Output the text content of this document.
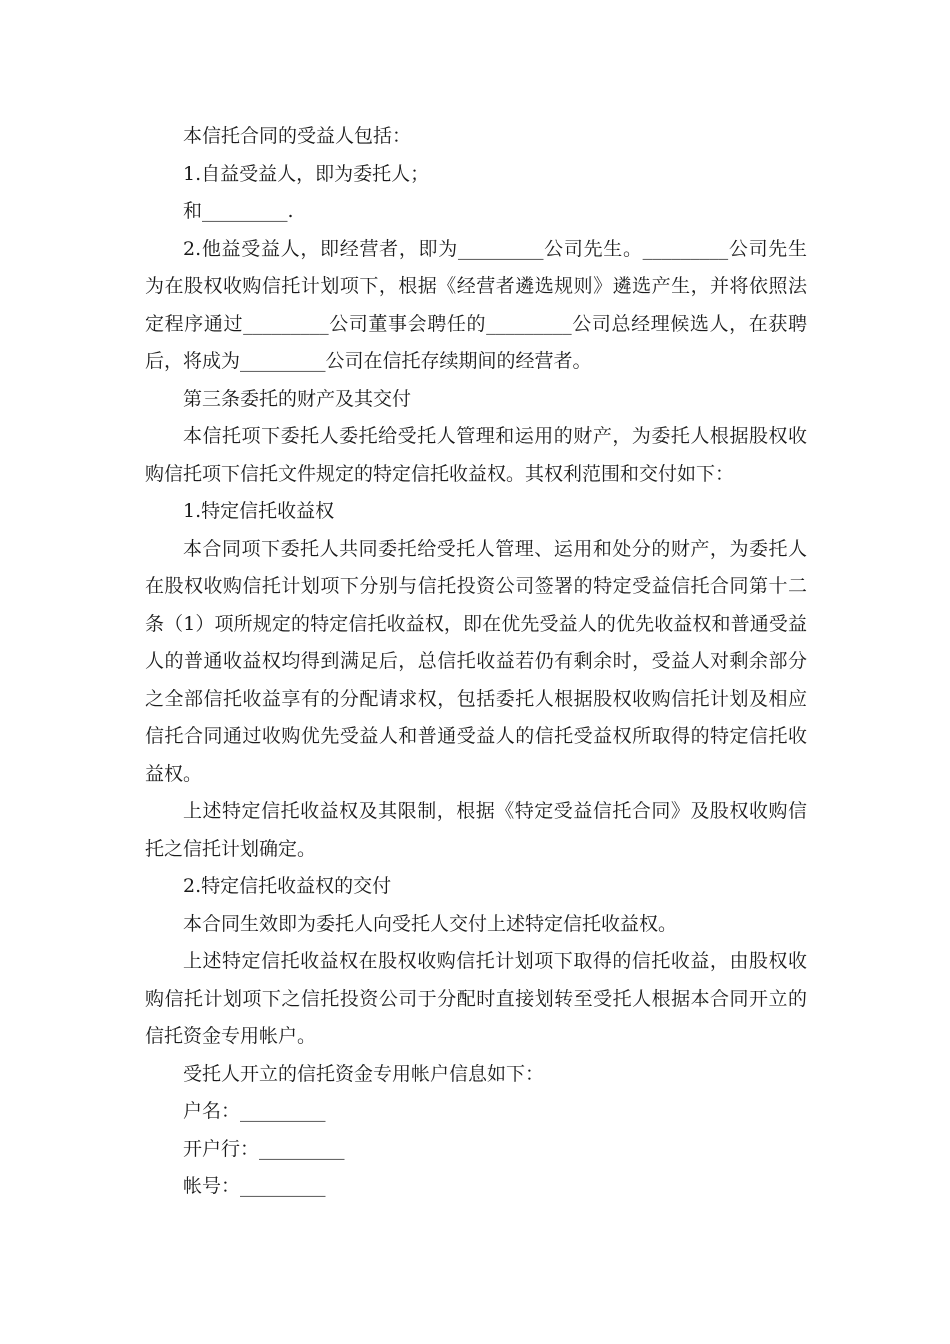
本信托合同的受益人包括：

1.自益受益人，即为委托人；

和_________.

2.他益受益人，即经营者，即为_________公司先生。_________公司先生为在股权收购信托计划项下，根据《经营者遴选规则》遴选产生，并将依照法定程序通过_________公司董事会聘任的_________公司总经理候选人，在获聘后，将成为_________公司在信托存续期间的经营者。

第三条委托的财产及其交付

本信托项下委托人委托给受托人管理和运用的财产，为委托人根据股权收购信托项下信托文件规定的特定信托收益权。其权利范围和交付如下：

1.特定信托收益权

本合同项下委托人共同委托给受托人管理、运用和处分的财产，为委托人在股权收购信托计划项下分别与信托投资公司签署的特定受益信托合同第十二条（1）项所规定的特定信托收益权，即在优先受益人的优先收益权和普通受益人的普通收益权均得到满足后，总信托收益若仍有剩余时，受益人对剩余部分之全部信托收益享有的分配请求权，包括委托人根据股权收购信托计划及相应信托合同通过收购优先受益人和普通受益人的信托受益权所取得的特定信托收益权。

上述特定信托收益权及其限制，根据《特定受益信托合同》及股权收购信托之信托计划确定。

2.特定信托收益权的交付

本合同生效即为委托人向受托人交付上述特定信托收益权。

上述特定信托收益权在股权收购信托计划项下取得的信托收益，由股权收购信托计划项下之信托投资公司于分配时直接划转至受托人根据本合同开立的信托资金专用帐户。

受托人开立的信托资金专用帐户信息如下：

户名：_________

开户行：_________

帐号：_________
